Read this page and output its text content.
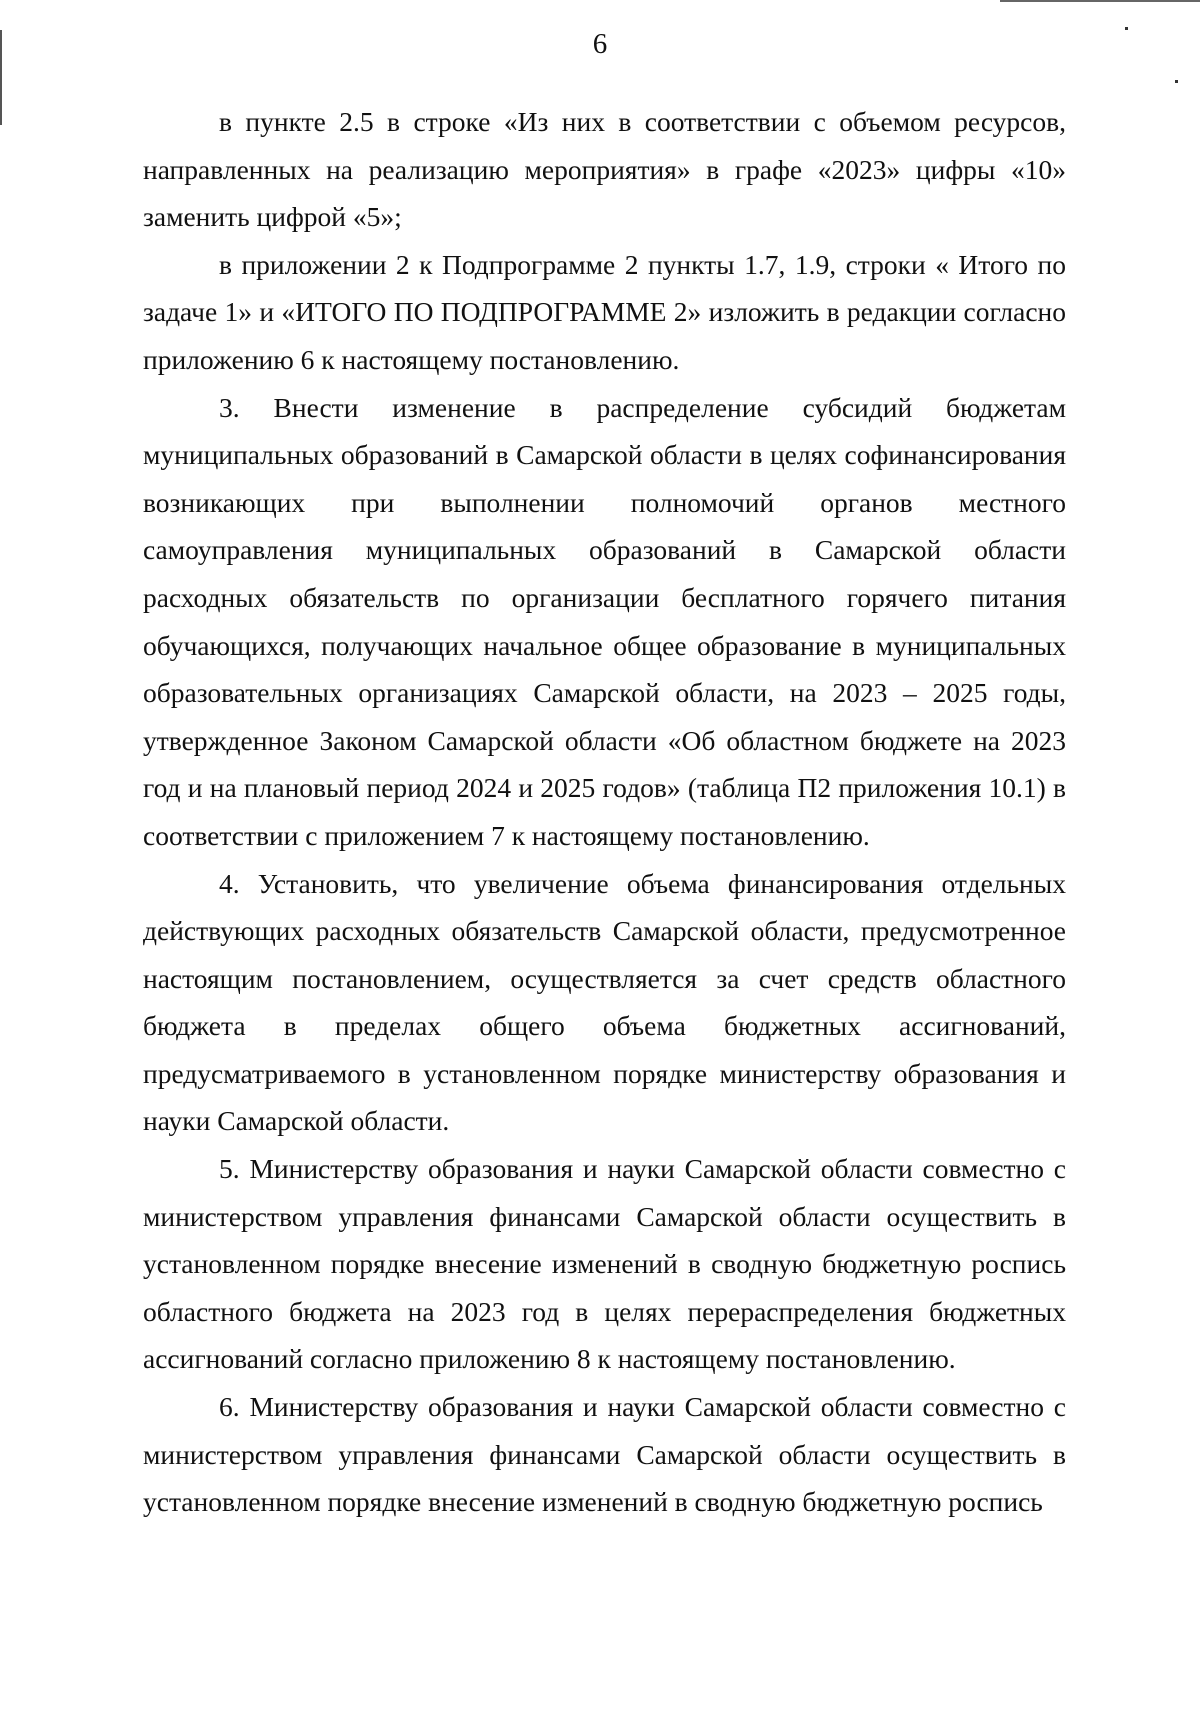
6

в пункте 2.5 в строке «Из них в соответствии с объемом ресурсов, направленных на реализацию мероприятия» в графе «2023» цифры «10» заменить цифрой «5»;

в приложении 2 к Подпрограмме 2 пункты 1.7, 1.9, строки « Итого по задаче 1» и «ИТОГО ПО ПОДПРОГРАММЕ 2» изложить в редакции согласно приложению 6 к настоящему постановлению.

3. Внести изменение в распределение субсидий бюджетам муниципальных образований в Самарской области в целях софинансирования возникающих при выполнении полномочий органов местного самоуправления муниципальных образований в Самарской области расходных обязательств по организации бесплатного горячего питания обучающихся, получающих начальное общее образование в муниципальных образовательных организациях Самарской области, на 2023 – 2025 годы, утвержденное Законом Самарской области «Об областном бюджете на 2023 год и на плановый период 2024 и 2025 годов» (таблица П2 приложения 10.1) в соответствии с приложением 7 к настоящему постановлению.

4. Установить, что увеличение объема финансирования отдельных действующих расходных обязательств Самарской области, предусмотренное настоящим постановлением, осуществляется за счет средств областного бюджета в пределах общего объема бюджетных ассигнований, предусматриваемого в установленном порядке министерству образования и науки Самарской области.

5. Министерству образования и науки Самарской области совместно с министерством управления финансами Самарской области осуществить в установленном порядке внесение изменений в сводную бюджетную роспись областного бюджета на 2023 год в целях перераспределения бюджетных ассигнований согласно приложению 8 к настоящему постановлению.

6. Министерству образования и науки Самарской области совместно с министерством управления финансами Самарской области осуществить в установленном порядке внесение изменений в сводную бюджетную роспись
